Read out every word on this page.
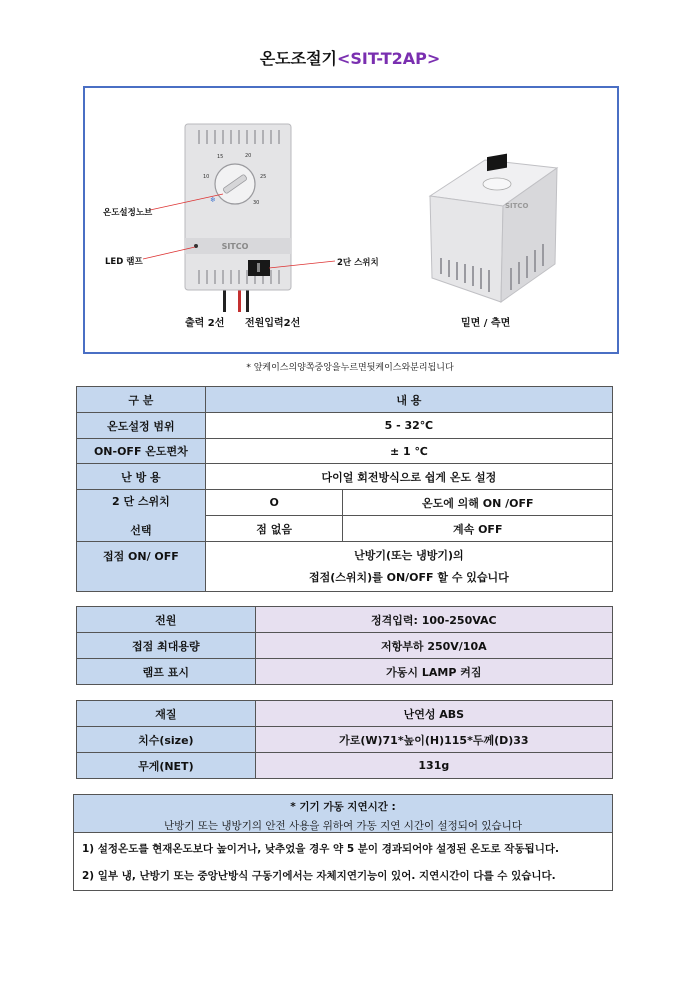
온도조절기<SIT-T2AP>
15	20
25
10
30
❄
SITCO
온도설정노브
LED 램프	2단 스위치
출력 2선 전원입력2선
SITCO
밑면 / 측면
* 앞케이스의양쪽중앙을누르면뒷케이스와분리됩니다
구 분	내 용	
온도설정 범위	5 - 32℃	
ON-OFF 온도편차	± 1 ℃	
난 방 용	다이얼 회전방식으로 쉽게 온도 설정	

2 단 스위치
선택	O	온도에 의해 ON /OFF
	점 없음	계속 OFF
접점 ON/ OFF	난방기(또는 냉방기)의
접점(스위치)를 ON/OFF 할 수 있습니다	
전원	정격입력: 100-250VAC
접점 최대용량	저항부하 250V/10A
램프 표시	가동시 LAMP 켜짐
재질	난연성 ABS
치수(size)	가로(W)71*높이(H)115*두께(D)33
무게(NET)	131g
* 기기 가동 지연시간 :
난방기 또는 냉방기의 안전 사용을 위하여 가동 지연 시간이 설정되어 있습니다
1) 설정온도를 현재온도보다 높이거나, 낮추었을 경우 약 5 분이 경과되어야 설정된 온도로 작동됩니다.
2) 일부 냉, 난방기 또는 중앙난방식 구동기에서는 자체지연기능이 있어. 지연시간이 다를 수 있습니다.
